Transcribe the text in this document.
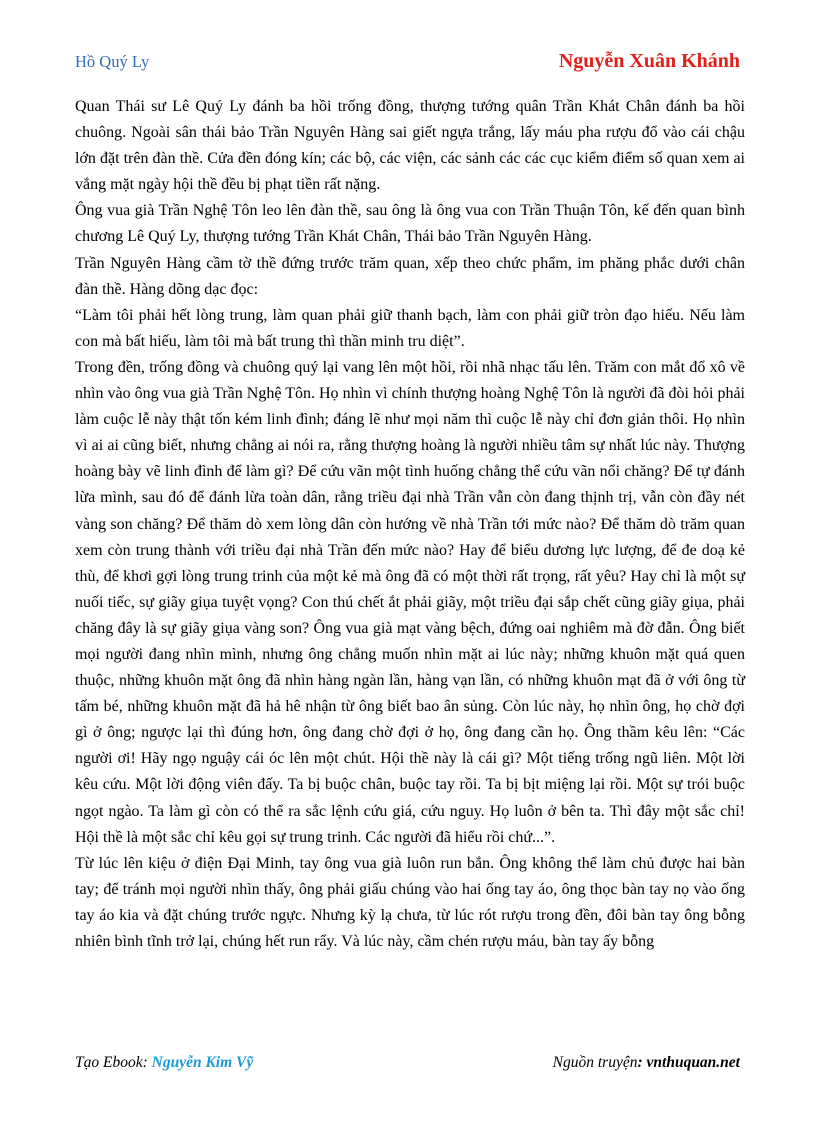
Hồ Quý Ly	Nguyễn Xuân Khánh

Quan Thái sư Lê Quý Ly đánh ba hồi trống đồng, thượng tướng quân Trần Khát Chân đánh ba hồi chuông. Ngoài sân thái bảo Trần Nguyên Hàng sai giết ngựa trắng, lấy máu pha rượu đổ vào cái chậu lớn đặt trên đàn thề. Cửa đền đóng kín; các bộ, các viện, các sảnh các các cục kiểm điểm số quan xem ai vắng mặt ngày hội thề đều bị phạt tiền rất nặng.

Ông vua già Trần Nghệ Tôn leo lên đàn thề, sau ông là ông vua con Trần Thuận Tôn, kế đến quan bình chương Lê Quý Ly, thượng tướng Trần Khát Chân, Thái bảo Trần Nguyên Hàng.

Trần Nguyên Hàng cầm tờ thề đứng trước trăm quan, xếp theo chức phẩm, im phăng phắc dưới chân đàn thề. Hàng dõng dạc đọc:

“Làm tôi phải hết lòng trung, làm quan phải giữ thanh bạch, làm con phải giữ tròn đạo hiếu. Nếu làm con mà bất hiếu, làm tôi mà bất trung thì thần minh tru diệt”.

Trong đền, trống đồng và chuông quý lại vang lên một hồi, rồi nhã nhạc tấu lên. Trăm con mắt đổ xô về nhìn vào ông vua già Trần Nghệ Tôn. Họ nhìn vì chính thượng hoàng Nghệ Tôn là người đã đòi hỏi phải làm cuộc lễ này thật tốn kém linh đình; đáng lẽ như mọi năm thì cuộc lễ này chỉ đơn giản thôi. Họ nhìn vì ai ai cũng biết, nhưng chẳng ai nói ra, rằng thượng hoàng là người nhiều tâm sự nhất lúc này. Thượng hoàng bày vẽ linh đình để làm gì? Để cứu vãn một tình huống chẳng thể cứu vãn nổi chăng? Để tự đánh lừa mình, sau đó để đánh lừa toàn dân, rằng triều đại nhà Trần vẫn còn đang thịnh trị, vẫn còn đầy nét vàng son chăng? Để thăm dò xem lòng dân còn hướng về nhà Trần tới mức nào? Để thăm dò trăm quan xem còn trung thành với triều đại nhà Trần đến mức nào? Hay để biểu dương lực lượng, để đe doạ kẻ thù, để khơi gợi lòng trung trinh của một kẻ mà ông đã có một thời rất trọng, rất yêu? Hay chỉ là một sự nuối tiếc, sự giãy giụa tuyệt vọng? Con thú chết ắt phải giãy, một triều đại sắp chết cũng giãy giụa, phải chăng đây là sự giãy giụa vàng son? Ông vua già mạt vàng bệch, đứng oai nghiêm mà đờ đẫn. Ông biết mọi người đang nhìn mình, nhưng ông chẳng muốn nhìn mặt ai lúc này; những khuôn mặt quá quen thuộc, những khuôn mặt ông đã nhìn hàng ngàn lần, hàng vạn lần, có những khuôn mạt đã ở với ông từ tấm bé, những khuôn mặt đã hả hê nhận từ ông biết bao ân sủng. Còn lúc này, họ nhìn ông, họ chờ đợi gì ở ông; ngược lại thì đúng hơn, ông đang chờ đợi ở họ, ông đang cần họ. Ông thầm kêu lên: “Các người ơi! Hãy ngọ nguậy cái óc lên một chút. Hội thề này là cái gì? Một tiếng trống ngũ liên. Một lời kêu cứu. Một lời động viên đấy. Ta bị buộc chân, buộc tay rồi. Ta bị bịt miệng lại rồi. Một sự trói buộc ngọt ngào. Ta làm gì còn có thể ra sắc lệnh cứu giá, cứu nguy. Họ luôn ở bên ta. Thì đây một sắc chỉ! Hội thề là một sắc chỉ kêu gọi sự trung trinh. Các người đã hiểu rồi chứ...”.

Từ lúc lên kiệu ở điện Đại Minh, tay ông vua già luôn run bắn. Ông không thể làm chủ được hai bàn tay; để tránh mọi người nhìn thấy, ông phải giấu chúng vào hai ống tay áo, ông thọc bàn tay nọ vào ống tay áo kia và đặt chúng trước ngực. Nhưng kỳ lạ chưa, từ lúc rót rượu trong đền, đôi bàn tay ông bỗng nhiên bình tĩnh trở lại, chúng hết run rẩy. Và lúc này, cầm chén rượu máu, bàn tay ấy bỗng

Tạo Ebook: Nguyễn Kim Vỹ	Nguồn truyện: vnthuquan.net
